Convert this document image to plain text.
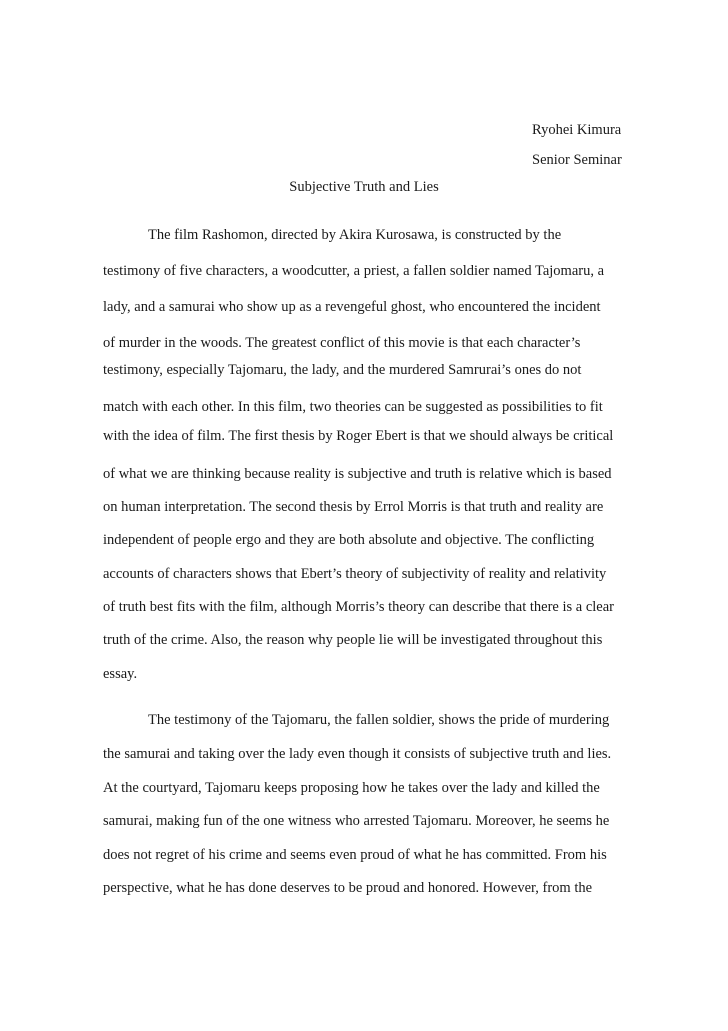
Ryohei Kimura
Senior Seminar
Subjective Truth and Lies
The film Rashomon, directed by Akira Kurosawa, is constructed by the
testimony of five characters, a woodcutter, a priest, a fallen soldier named Tajomaru, a
lady, and a samurai who show up as a revengeful ghost, who encountered the incident
of murder in the woods. The greatest conflict of this movie is that each character’s
testimony, especially Tajomaru, the lady, and the murdered Samrurai’s ones do not
match with each other. In this film, two theories can be suggested as possibilities to fit
with the idea of film. The first thesis by Roger Ebert is that we should always be critical
of what we are thinking because reality is subjective and truth is relative which is based
on human interpretation. The second thesis by Errol Morris is that truth and reality are
independent of people ergo and they are both absolute and objective. The conflicting
accounts of characters shows that Ebert’s theory of subjectivity of reality and relativity
of truth best fits with the film, although Morris’s theory can describe that there is a clear
truth of the crime. Also, the reason why people lie will be investigated throughout this
essay.
The testimony of the Tajomaru, the fallen soldier, shows the pride of murdering
the samurai and taking over the lady even though it consists of subjective truth and lies.
At the courtyard, Tajomaru keeps proposing how he takes over the lady and killed the
samurai, making fun of the one witness who arrested Tajomaru. Moreover, he seems he
does not regret of his crime and seems even proud of what he has committed. From his
perspective, what he has done deserves to be proud and honored. However, from the
